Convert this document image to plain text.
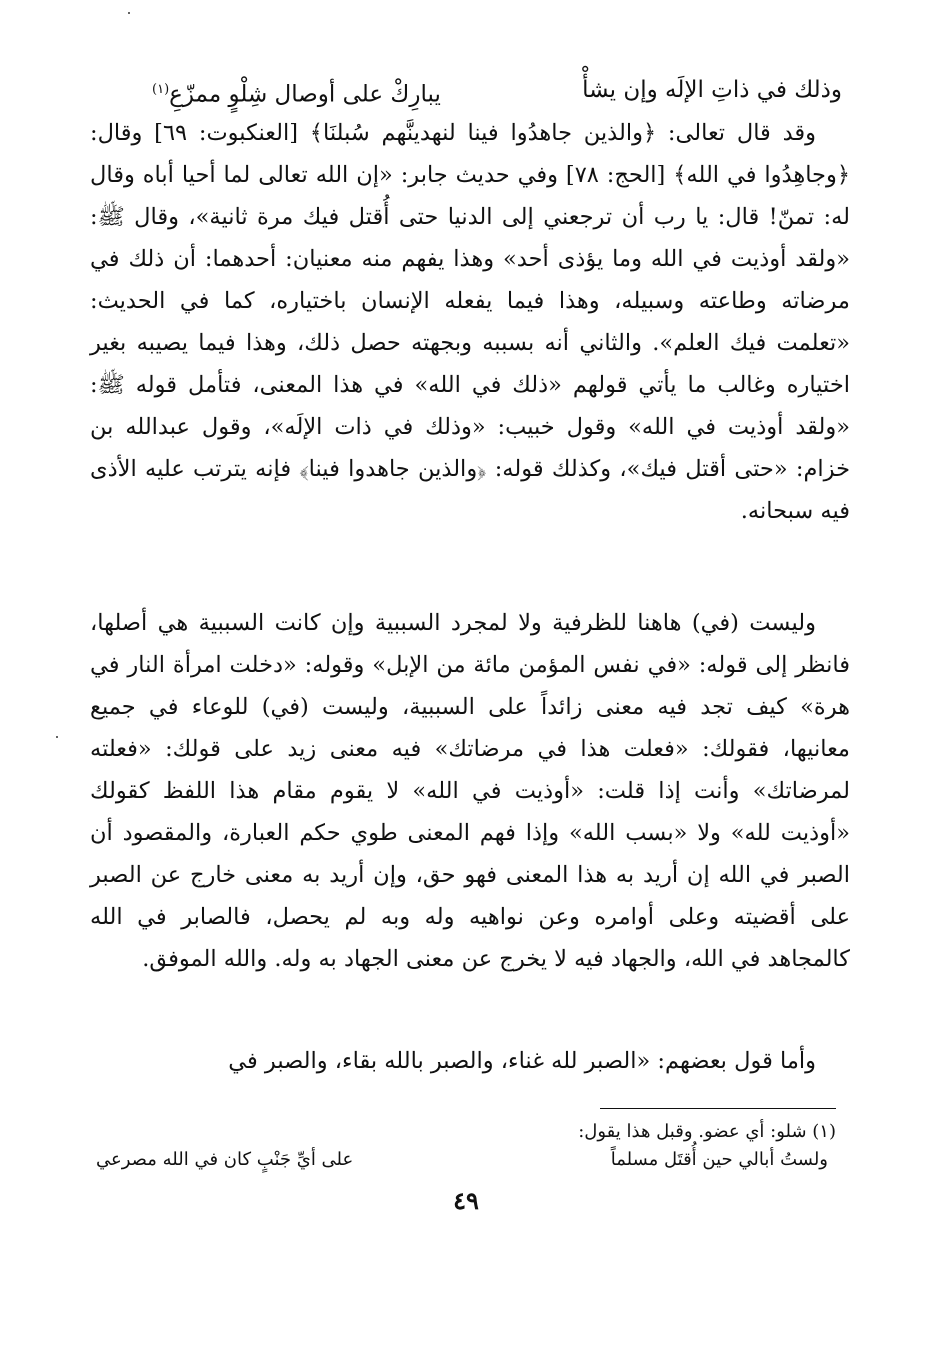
وذلك في ذاتِ الإلَه وإن يشأْ
يبارِكْ على أوصال شِلْوٍ ممزّعِ$^{(١)}$

وقد قال تعالى: ﴿والذين جاهدُوا فينا لنهدينَّهم سُبلنَا﴾ [العنكبوت: ٦٩] وقال: ﴿وجاهِدُوا في الله﴾ [الحج: ٧٨] وفي حديث جابر: «إن الله تعالى لما أحيا أباه وقال له: تمنّ! قال: يا رب أن ترجعني إلى الدنيا حتى أُقتل فيك مرة ثانية»، وقال ﷺ: «ولقد أوذيت في الله وما يؤذى أحد» وهذا يفهم منه معنيان: أحدهما: أن ذلك في مرضاته وطاعته وسبيله، وهذا فيما يفعله الإنسان باختياره، كما في الحديث: «تعلمت فيك العلم». والثاني أنه بسببه وبجهته حصل ذلك، وهذا فيما يصيبه بغير اختياره وغالب ما يأتي قولهم «ذلك في الله» في هذا المعنى، فتأمل قوله ﷺ: «ولقد أوذيت في الله» وقول خبيب: «وذلك في ذات الإلَه»، وقول عبدالله بن خزام: «حتى أقتل فيك»، وكذلك قوله: ﴿والذين جاهدوا فينا﴾ فإنه يترتب عليه الأذى فيه سبحانه.

وليست (في) هاهنا للظرفية ولا لمجرد السببية وإن كانت السببية هي أصلها، فانظر إلى قوله: «في نفس المؤمن مائة من الإبل» وقوله: «دخلت امرأة النار في هرة» كيف تجد فيه معنى زائداً على السببية، وليست (في) للوعاء في جميع معانيها، فقولك: «فعلت هذا في مرضاتك» فيه معنى زيد على قولك: «فعلته لمرضاتك» وأنت إذا قلت: «أوذيت في الله» لا يقوم مقام هذا اللفظ كقولك «أوذيت لله» ولا «بسب الله» وإذا فهم المعنى طوي حكم العبارة، والمقصود أن الصبر في الله إن أريد به هذا المعنى فهو حق، وإن أريد به معنى خارج عن الصبر على أقضيته وعلى أوامره وعن نواهيه وله وبه لم يحصل، فالصابر في الله كالمجاهد في الله، والجهاد فيه لا يخرج عن معنى الجهاد به وله. والله الموفق.

وأما قول بعضهم: «الصبر لله غناء، والصبر بالله بقاء، والصبر في

(١) شلو: أي عضو. وقبل هذا يقول:
ولستُ أبالي حين أُقتَل مسلماً
على أيِّ جَنْبٍ كان في الله مصرعي
٤٩
